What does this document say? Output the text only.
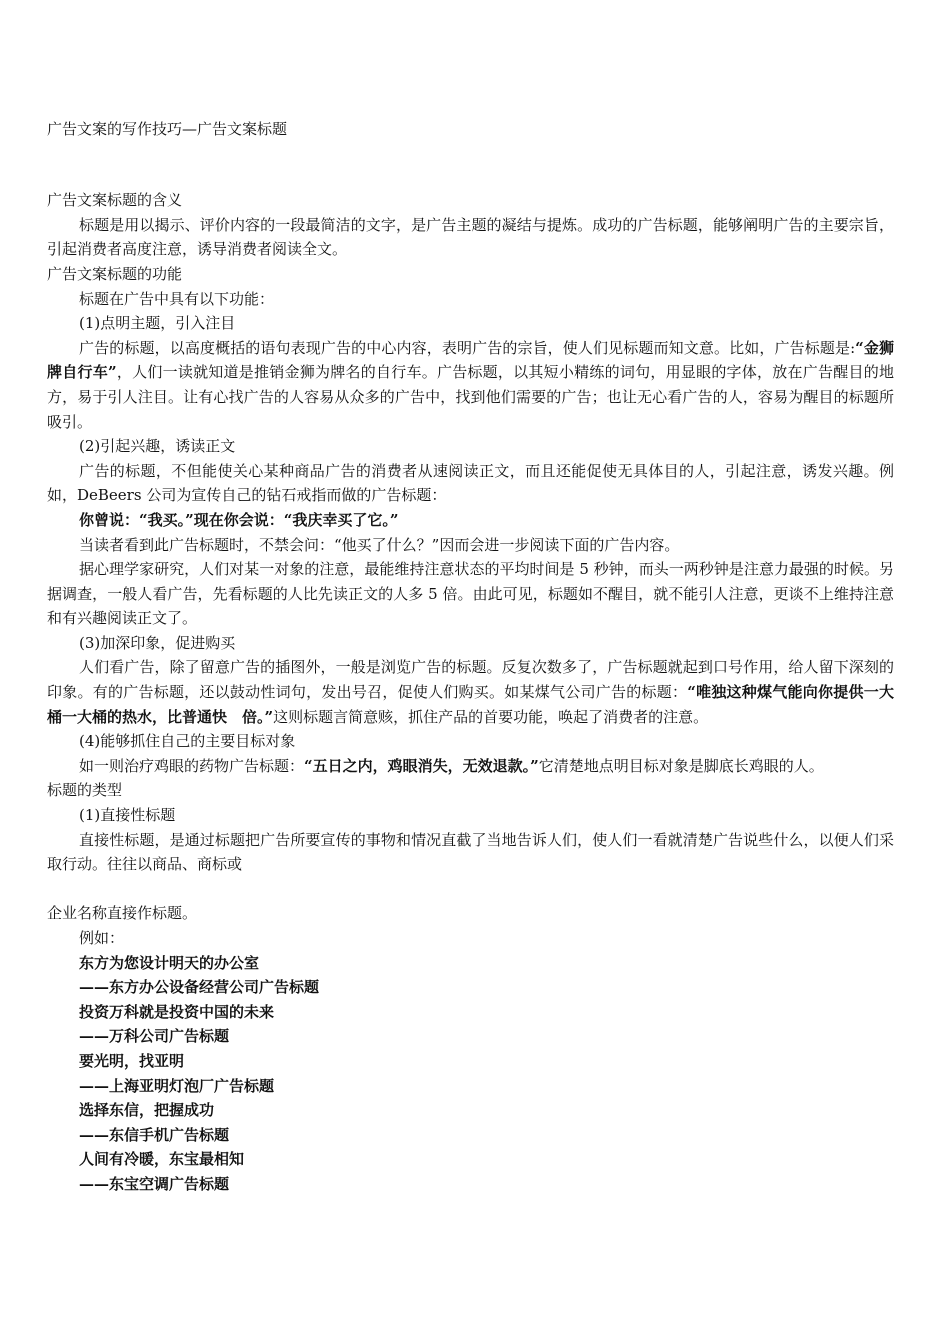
广告文案的写作技巧—广告文案标题

广告文案标题的含义

标题是用以揭示、评价内容的一段最简洁的文字，是广告主题的凝结与提炼。成功的广告标题，能够阐明广告的主要宗旨，引起消费者高度注意，诱导消费者阅读全文。

广告文案标题的功能

标题在广告中具有以下功能：

(1)点明主题，引入注目

广告的标题，以高度概括的语句表现广告的中心内容，表明广告的宗旨，使人们见标题而知文意。比如，广告标题是:“金狮牌自行车”，人们一读就知道是推销金狮为牌名的自行车。广告标题，以其短小精练的词句，用显眼的字体，放在广告醒目的地方，易于引人注目。让有心找广告的人容易从众多的广告中，找到他们需要的广告；也让无心看广告的人，容易为醒目的标题所吸引。

(2)引起兴趣，诱读正文

广告的标题，不但能使关心某种商品广告的消费者从速阅读正文，而且还能促使无具体目的人，引起注意，诱发兴趣。例如，DeBeers 公司为宣传自己的钻石戒指而做的广告标题：

你曾说：“我买。”现在你会说：“我庆幸买了它。”

当读者看到此广告标题时，不禁会问：“他买了什么？”因而会进一步阅读下面的广告内容。

据心理学家研究，人们对某一对象的注意，最能维持注意状态的平均时间是 5 秒钟，而头一两秒钟是注意力最强的时候。另据调查，一般人看广告，先看标题的人比先读正文的人多 5 倍。由此可见，标题如不醒目，就不能引人注意，更谈不上维持注意和有兴趣阅读正文了。

(3)加深印象，促进购买

人们看广告，除了留意广告的插图外，一般是浏览广告的标题。反复次数多了，广告标题就起到口号作用，给人留下深刻的印象。有的广告标题，还以鼓动性词句，发出号召，促使人们购买。如某煤气公司广告的标题：“唯独这种煤气能向你提供一大桶一大桶的热水，比普通快　倍。”这则标题言简意赅，抓住产品的首要功能，唤起了消费者的注意。

(4)能够抓住自己的主要目标对象

如一则治疗鸡眼的药物广告标题：“五日之内，鸡眼消失，无效退款。”它清楚地点明目标对象是脚底长鸡眼的人。

标题的类型

(1)直接性标题

直接性标题，是通过标题把广告所要宣传的事物和情况直截了当地告诉人们，使人们一看就清楚广告说些什么，以便人们采取行动。往往以商品、商标或

企业名称直接作标题。

例如：

东方为您设计明天的办公室

——东方办公设备经营公司广告标题

投资万科就是投资中国的未来

——万科公司广告标题

要光明，找亚明

——上海亚明灯泡厂广告标题

选择东信，把握成功

——东信手机广告标题

人间有冷暖，东宝最相知

——东宝空调广告标题
